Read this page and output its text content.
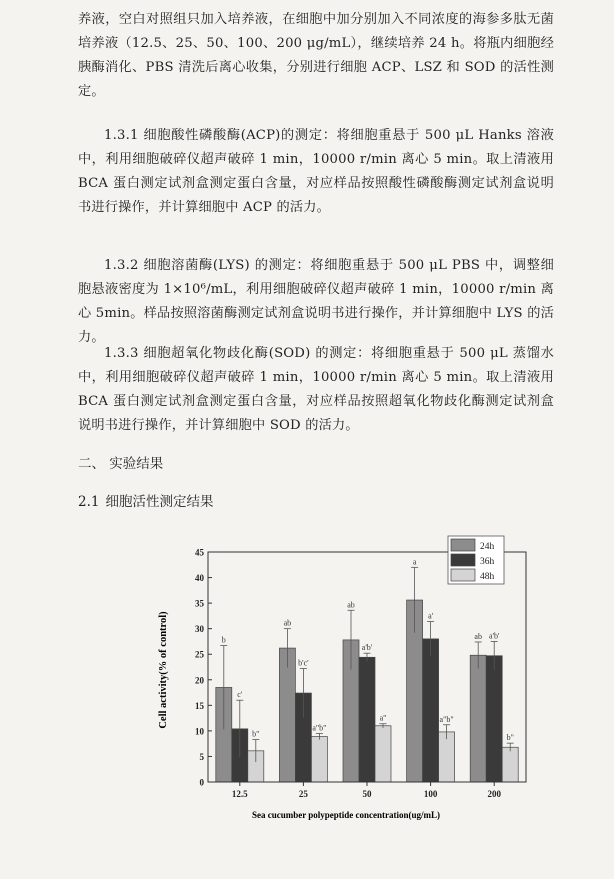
养液，空白对照组只加入培养液，在细胞中加分别加入不同浓度的海参多肽无菌培养液（12.5、25、50、100、200 μg/mL），继续培养 24 h。将瓶内细胞经胰酶消化、PBS 清洗后离心收集，分别进行细胞 ACP、LSZ 和 SOD 的活性测定。
1.3.1 细胞酸性磷酸酶(ACP)的测定：将细胞重悬于 500 μL Hanks 溶液中，利用细胞破碎仪超声破碎 1 min，10000 r/min 离心 5 min。取上清液用 BCA 蛋白测定试剂盒测定蛋白含量，对应样品按照酸性磷酸酶测定试剂盒说明书进行操作，并计算细胞中 ACP 的活力。
1.3.2 细胞溶菌酶(LYS) 的测定：将细胞重悬于 500 μL PBS 中，调整细胞悬液密度为 1×10⁶/mL，利用细胞破碎仪超声破碎 1 min，10000 r/min 离心 5min。样品按照溶菌酶测定试剂盒说明书进行操作，并计算细胞中 LYS 的活力。
1.3.3 细胞超氧化物歧化酶(SOD) 的测定：将细胞重悬于 500 μL 蒸馏水中，利用细胞破碎仪超声破碎 1 min，10000 r/min 离心 5 min。取上清液用 BCA 蛋白测定试剂盒测定蛋白含量，对应样品按照超氧化物歧化酶测定试剂盒说明书进行操作，并计算细胞中 SOD 的活力。
二、 实验结果
2.1 细胞活性测定结果
b
c'
b"
ab
b'c'
a"b"
ab
a'b'
a"
a
a'
a"b"
ab a'b'
b"
0
5
10
15
20
25
30
35
40
45
12.5	25	50	100	200
24h
36h
48h
Cell activity(% of control)
Sea cucumber polypeptide concentration(ug/mL)
